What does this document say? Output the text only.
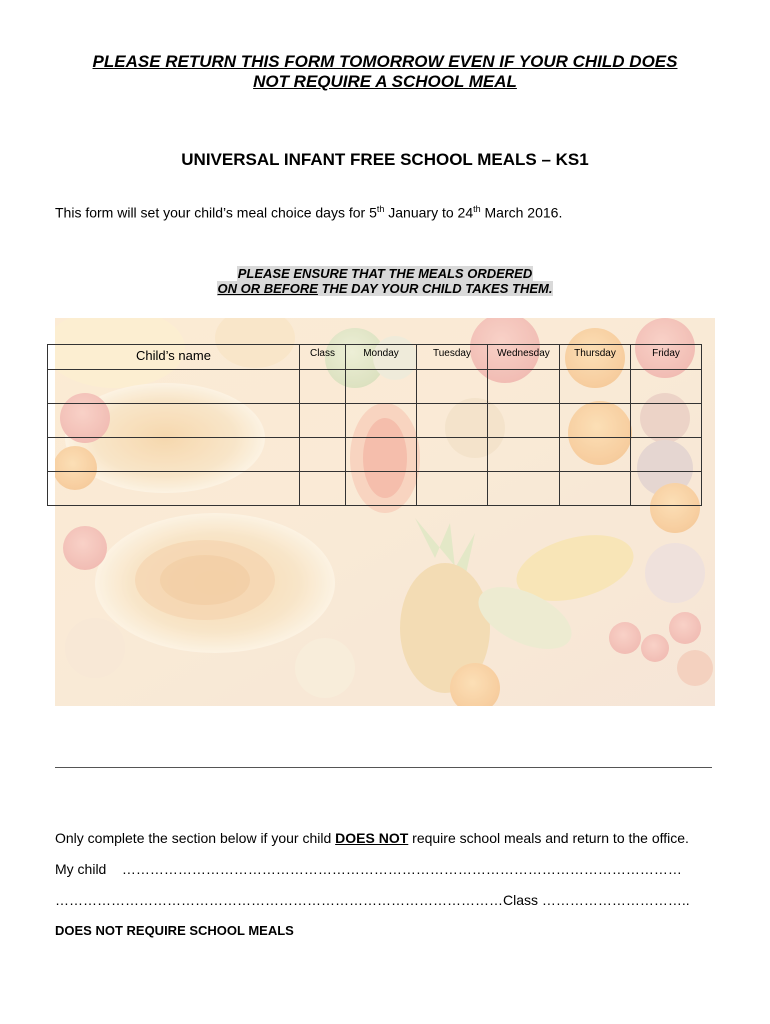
PLEASE RETURN THIS FORM TOMORROW EVEN IF YOUR CHILD DOES
NOT REQUIRE A SCHOOL MEAL
UNIVERSAL INFANT FREE SCHOOL MEALS – KS1
This form will set your child’s meal choice days for 5th January to 24th March 2016.
PLEASE ENSURE THAT THE MEALS ORDERED
ON OR BEFORE THE DAY YOUR CHILD TAKES THEM.
Child’s name	Class	Monday	Tuesday	Wednesday	Thursday	Friday

Only complete the section below if your child DOES NOT require school meals and return to the office.
My child …………………………………………………………………………………………………………
……………………………………………………………………………………Class …………………………..
DOES NOT REQUIRE SCHOOL MEALS
